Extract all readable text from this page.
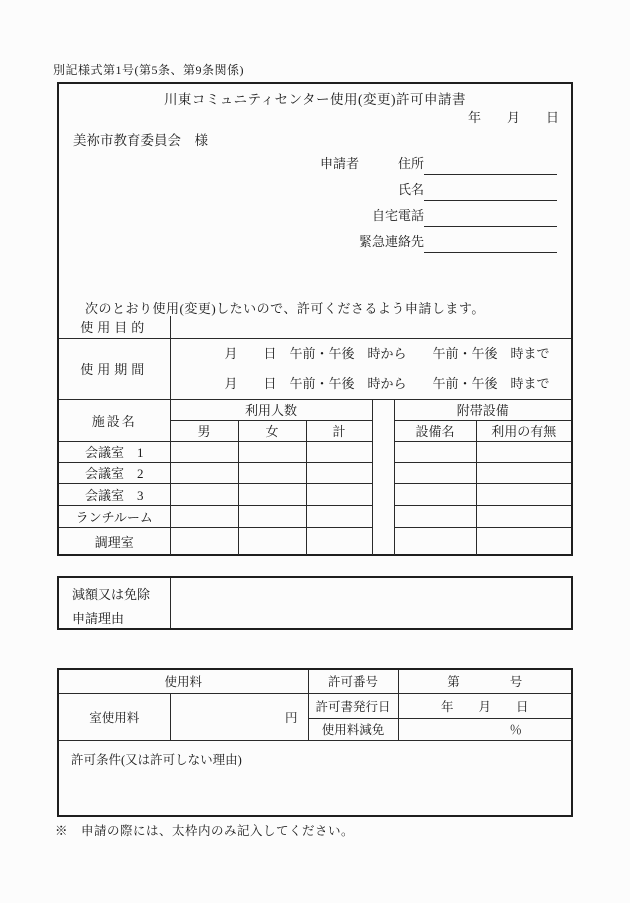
別記様式第1号(第5条、第9条関係)
川東コミュニティセンター使用(変更)許可申請書
年　　月　　日
美祢市教育委員会　様
申請者	住所
氏名
自宅電話
緊急連絡先
次のとおり使用(変更)したいので、許可くださるよう申請します。
使用目的						
使用期間	月　　日　午前・午後　時から　　午前・午後　時まで
月　　日　午前・午後　時から　　午前・午後　時まで					

施設名	利用人数				附帯設備	
	男	女	計		設備名	利用の有無
会議室　1						
会議室　2						
会議室　3						
ランチルーム						
調理室						
減額又は免除
申請理由
使用料		許可番号	第　　　　号
室使用料	円	許可書発行日	年　　月　　日
		使用料減免	％
許可条件(又は許可しない理由)			
※　申請の際には、太枠内のみ記入してください。
